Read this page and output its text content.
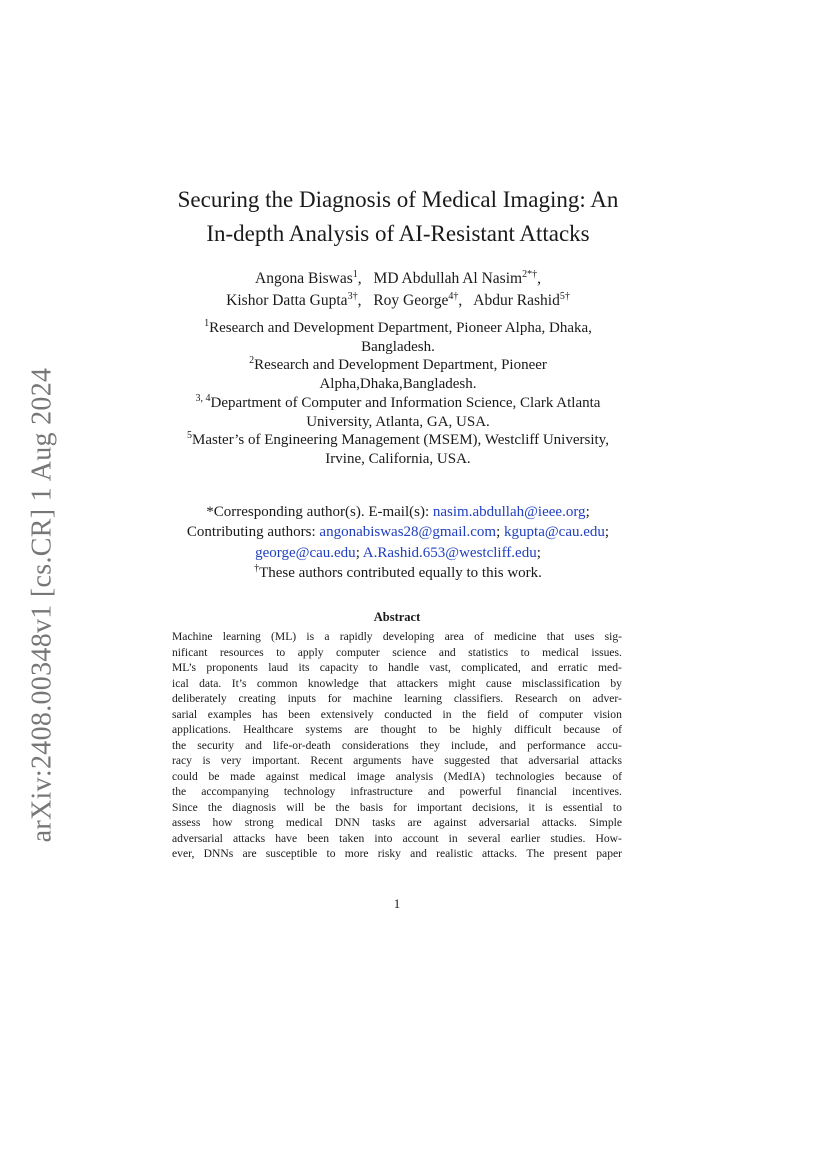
arXiv:2408.00348v1 [cs.CR] 1 Aug 2024
Securing the Diagnosis of Medical Imaging: An
In-depth Analysis of AI-Resistant Attacks
Angona Biswas$^1$, MD Abdullah Al Nasim$^{2*\dagger}$,
Kishor Datta Gupta$^{3\dagger}$, Roy George$^{4\dagger}$, Abdur Rashid$^{5\dagger}$
$^1$Research and Development Department, Pioneer Alpha, Dhaka,
Bangladesh.
$^2$Research and Development Department, Pioneer
Alpha,Dhaka,Bangladesh.
$^{3, 4}$Department of Computer and Information Science, Clark Atlanta
University, Atlanta, GA, USA.
$^5$Master’s of Engineering Management (MSEM), Westcliff University,
Irvine, California, USA.
*Corresponding author(s). E-mail(s): nasim.abdullah@ieee.org;
Contributing authors: angonabiswas28@gmail.com; kgupta@cau.edu;
george@cau.edu; A.Rashid.653@westcliff.edu;
†These authors contributed equally to this work.
Abstract
Machine learning (ML) is a rapidly developing area of medicine that uses sig-
nificant resources to apply computer science and statistics to medical issues.
ML’s proponents laud its capacity to handle vast, complicated, and erratic med-
ical data. It’s common knowledge that attackers might cause misclassification by
deliberately creating inputs for machine learning classifiers. Research on adver-
sarial examples has been extensively conducted in the field of computer vision
applications. Healthcare systems are thought to be highly difficult because of
the security and life-or-death considerations they include, and performance accu-
racy is very important. Recent arguments have suggested that adversarial attacks
could be made against medical image analysis (MedIA) technologies because of
the accompanying technology infrastructure and powerful financial incentives.
Since the diagnosis will be the basis for important decisions, it is essential to
assess how strong medical DNN tasks are against adversarial attacks. Simple
adversarial attacks have been taken into account in several earlier studies. How-
ever, DNNs are susceptible to more risky and realistic attacks. The present paper
1
